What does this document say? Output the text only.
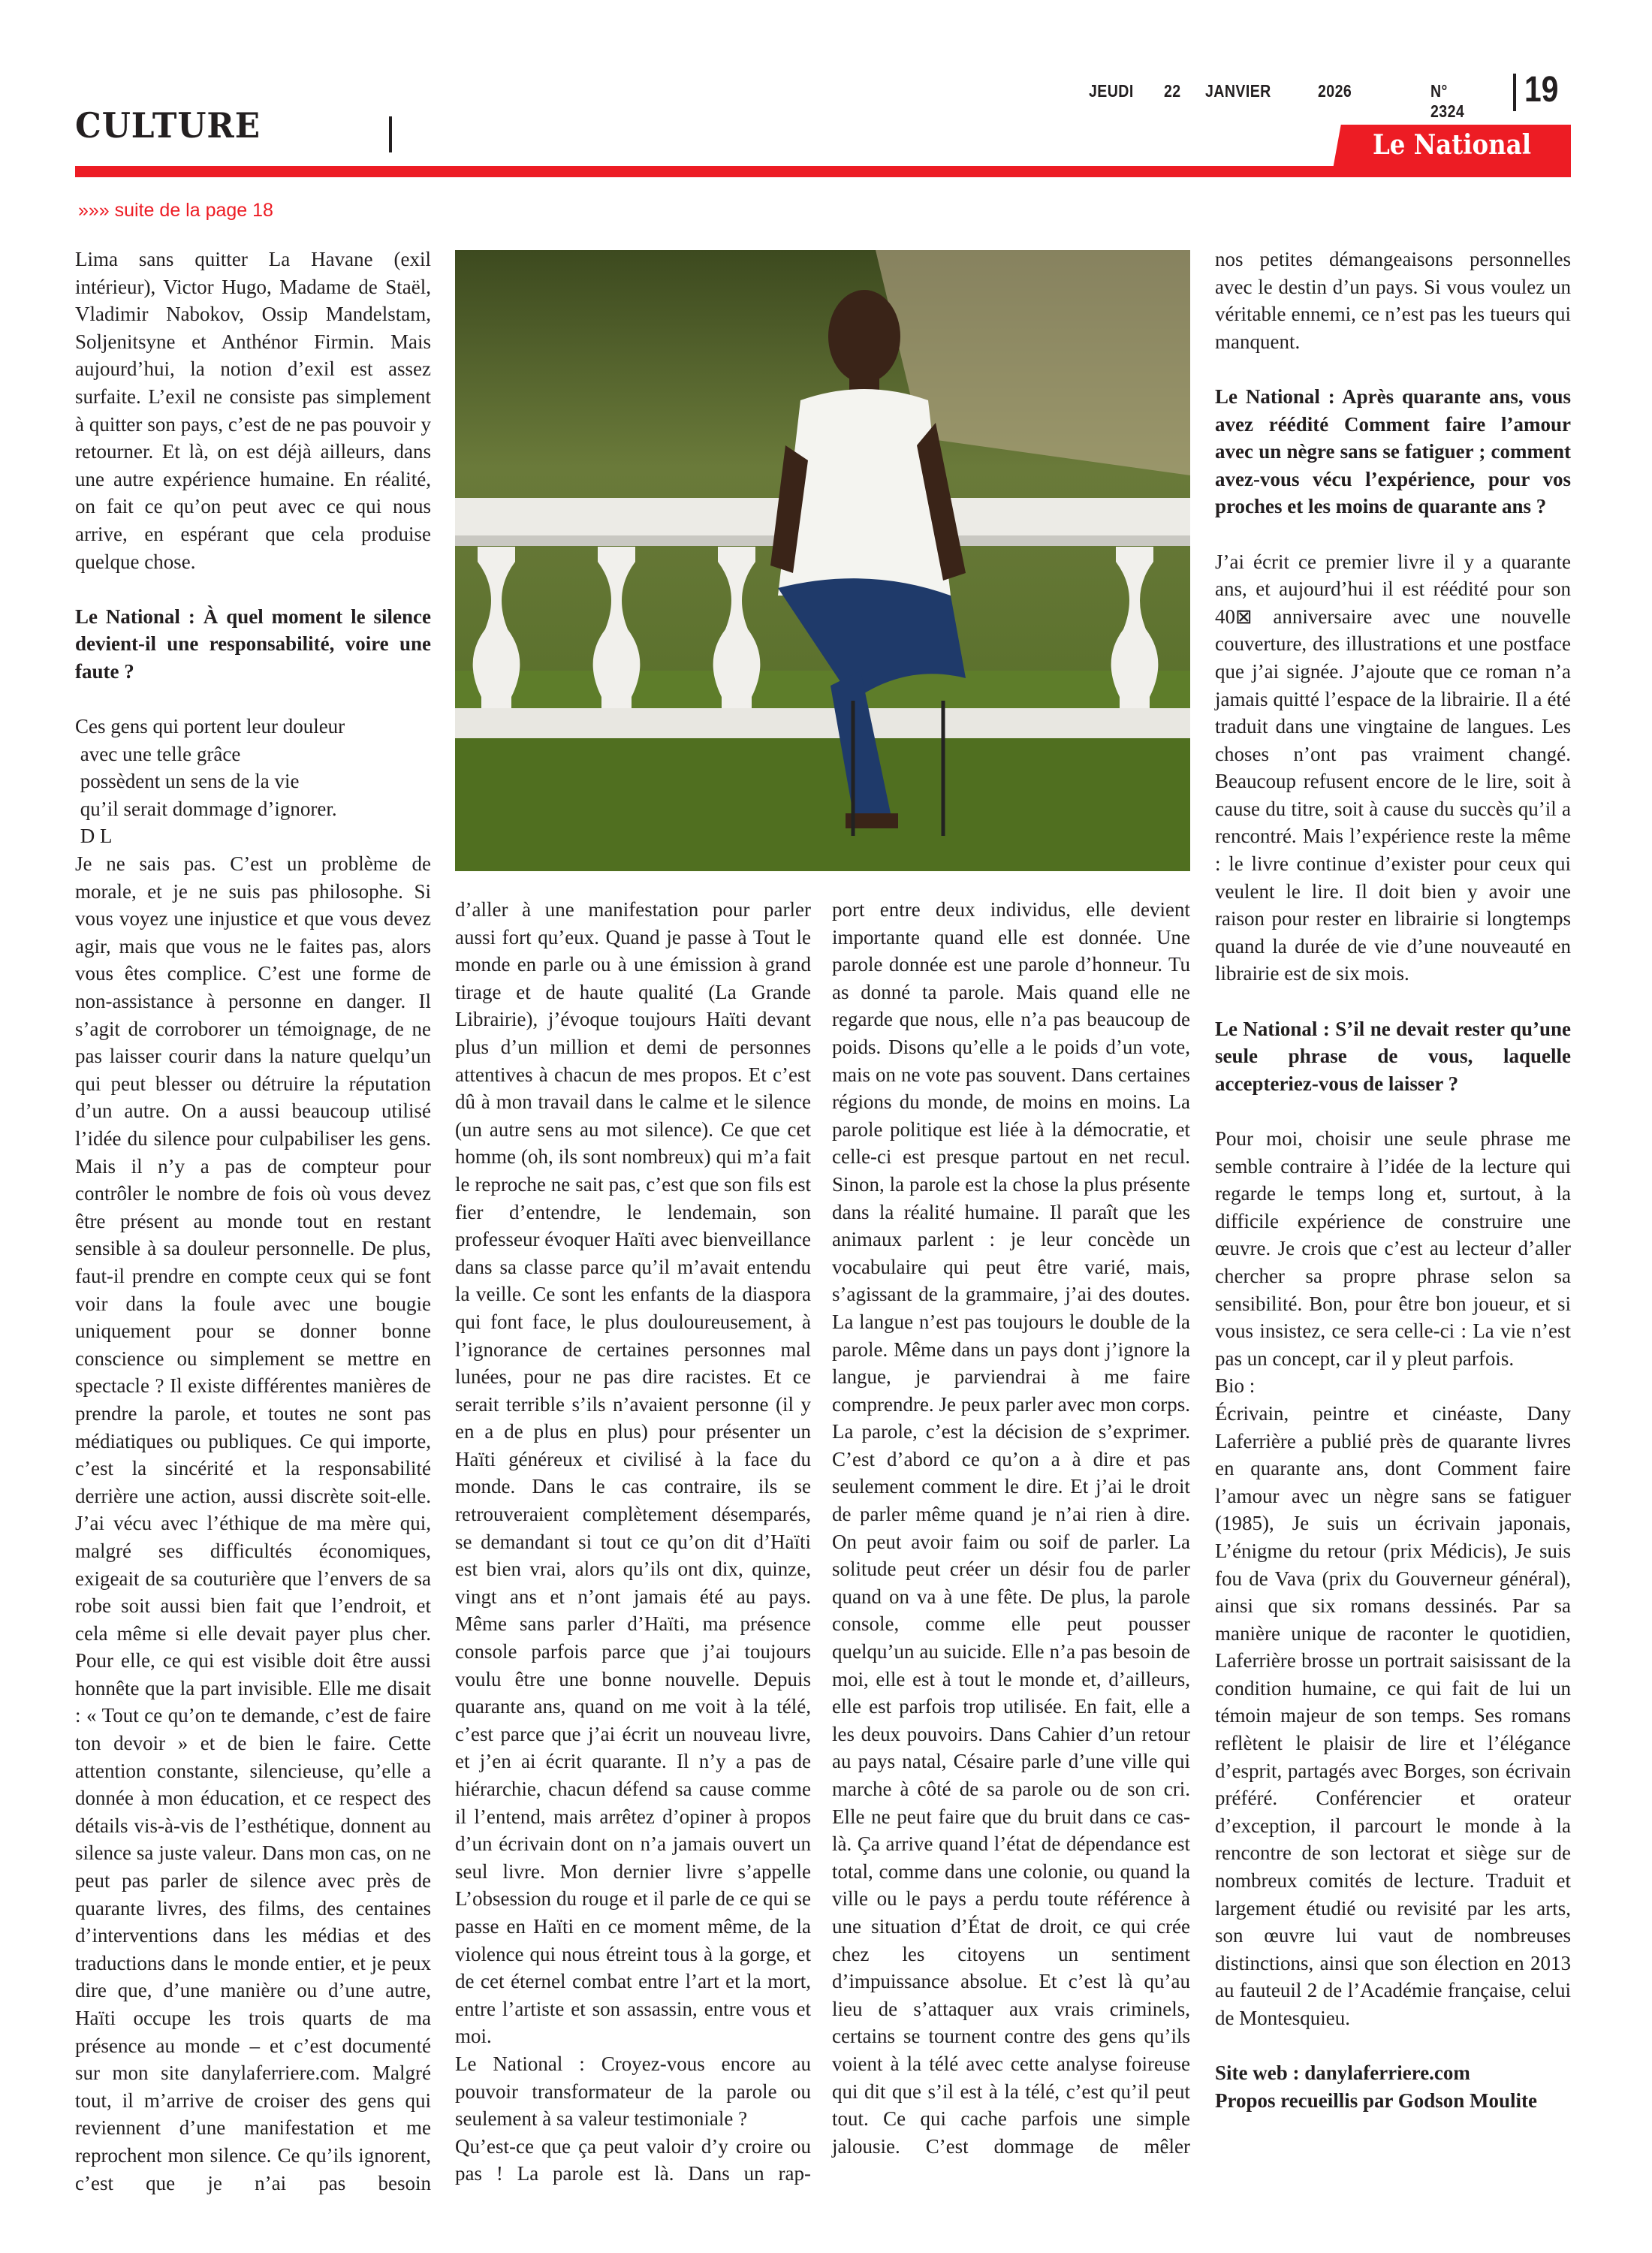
JEUDI 22 JANVIER	2026	N° 2324
19
CULTURE	Le National
»»» suite de la page 18

Lima sans quitter La Havane (exil intérieur), Victor Hugo, Madame de Staël, Vladimir Nabokov, Ossip Mandelstam, Soljenitsyne et Anthénor Firmin. Mais aujourd’hui, la notion d’exil est assez surfaite. L’exil ne consiste pas simplement à quitter son pays, c’est de ne pas pouvoir y retourner. Et là, on est déjà ailleurs, dans une autre expérience humaine. En réalité, on fait ce qu’on peut avec ce qui nous arrive, en espérant que cela produise quelque chose.

Le National : À quel moment le silence devient-il une responsabilité, voire une faute ?

Ces gens qui portent leur douleur
avec une telle grâce
possèdent un sens de la vie
qu’il serait dommage d’ignorer.
D L

Je ne sais pas. C’est un problème de morale, et je ne suis pas philosophe. Si vous voyez une injustice et que vous devez agir, mais que vous ne le faites pas, alors vous êtes complice. C’est une forme de non-assistance à personne en danger. Il s’agit de corroborer un témoignage, de ne pas laisser courir dans la nature quelqu’un qui peut blesser ou détruire la réputation d’un autre. On a aussi beaucoup utilisé l’idée du silence pour culpabiliser les gens. Mais il n’y a pas de compteur pour contrôler le nombre de fois où vous devez être présent au monde tout en restant sensible à sa douleur personnelle. De plus, faut-il prendre en compte ceux qui se font voir dans la foule avec une bougie uniquement pour se donner bonne conscience ou simplement se mettre en spectacle ? Il existe différentes manières de prendre la parole, et toutes ne sont pas médiatiques ou publiques. Ce qui importe, c’est la sincérité et la responsabilité derrière une action, aussi discrète soit-elle. J’ai vécu avec l’éthique de ma mère qui, malgré ses difficultés économiques, exigeait de sa couturière que l’envers de sa robe soit aussi bien fait que l’endroit, et cela même si elle devait payer plus cher. Pour elle, ce qui est visible doit être aussi honnête que la part invisible. Elle me disait : « Tout ce qu’on te demande, c’est de faire ton devoir » et de bien le faire. Cette attention constante, silencieuse, qu’elle a donnée à mon éducation, et ce respect des détails vis-à-vis de l’esthétique, donnent au silence sa juste valeur. Dans mon cas, on ne peut pas parler de silence avec près de quarante livres, des films, des centaines d’interventions dans les médias et des traductions dans le monde entier, et je peux dire que, d’une manière ou d’une autre, Haïti occupe les trois quarts de ma présence au monde – et c’est documenté sur mon site danylaferriere.com. Malgré tout, il m’arrive de croiser des gens qui reviennent d’une manifestation et me reprochent mon silence. Ce qu’ils ignorent, c’est que je n’ai pas besoin

d’aller à une manifestation pour parler aussi fort qu’eux. Quand je passe à Tout le monde en parle ou à une émission à grand tirage et de haute qualité (La Grande Librairie), j’évoque toujours Haïti devant plus d’un million et demi de personnes attentives à chacun de mes propos. Et c’est dû à mon travail dans le calme et le silence (un autre sens au mot silence). Ce que cet homme (oh, ils sont nombreux) qui m’a fait le reproche ne sait pas, c’est que son fils est fier d’entendre, le lendemain, son professeur évoquer Haïti avec bienveillance dans sa classe parce qu’il m’avait entendu la veille. Ce sont les enfants de la diaspora qui font face, le plus douloureusement, à l’ignorance de certaines personnes mal lunées, pour ne pas dire racistes. Et ce serait terrible s’ils n’avaient personne (il y en a de plus en plus) pour présenter un Haïti généreux et civilisé à la face du monde. Dans le cas contraire, ils se retrouveraient complètement désemparés, se demandant si tout ce qu’on dit d’Haïti est bien vrai, alors qu’ils ont dix, quinze, vingt ans et n’ont jamais été au pays. Même sans parler d’Haïti, ma présence console parfois parce que j’ai toujours voulu être une bonne nouvelle. Depuis quarante ans, quand on me voit à la télé, c’est parce que j’ai écrit un nouveau livre, et j’en ai écrit quarante. Il n’y a pas de hiérarchie, chacun défend sa cause comme il l’entend, mais arrêtez d’opiner à propos d’un écrivain dont on n’a jamais ouvert un seul livre. Mon dernier livre s’appelle L’obsession du rouge et il parle de ce qui se passe en Haïti en ce moment même, de la violence qui nous étreint tous à la gorge, et de cet éternel combat entre l’art et la mort, entre l’artiste et son assassin, entre vous et moi.

Le National : Croyez-vous encore au pouvoir transformateur de la parole ou seulement à sa valeur testimoniale ?

Qu’est-ce que ça peut valoir d’y croire ou pas ! La parole est là. Dans un rap-

port entre deux individus, elle devient importante quand elle est donnée. Une parole donnée est une parole d’honneur. Tu as donné ta parole. Mais quand elle ne regarde que nous, elle n’a pas beaucoup de poids. Disons qu’elle a le poids d’un vote, mais on ne vote pas souvent. Dans certaines régions du monde, de moins en moins. La parole politique est liée à la démocratie, et celle-ci est presque partout en net recul. Sinon, la parole est la chose la plus présente dans la réalité humaine. Il paraît que les animaux parlent : je leur concède un vocabulaire qui peut être varié, mais, s’agissant de la grammaire, j’ai des doutes. La langue n’est pas toujours le double de la parole. Même dans un pays dont j’ignore la langue, je parviendrai à me faire comprendre. Je peux parler avec mon corps. La parole, c’est la décision de s’exprimer. C’est d’abord ce qu’on a à dire et pas seulement comment le dire. Et j’ai le droit de parler même quand je n’ai rien à dire. On peut avoir faim ou soif de parler. La solitude peut créer un désir fou de parler quand on va à une fête. De plus, la parole console, comme elle peut pousser quelqu’un au suicide. Elle n’a pas besoin de moi, elle est à tout le monde et, d’ailleurs, elle est parfois trop utilisée. En fait, elle a les deux pouvoirs. Dans Cahier d’un retour au pays natal, Césaire parle d’une ville qui marche à côté de sa parole ou de son cri. Elle ne peut faire que du bruit dans ce cas-là. Ça arrive quand l’état de dépendance est total, comme dans une colonie, ou quand la ville ou le pays a perdu toute référence à une situation d’État de droit, ce qui crée chez les citoyens un sentiment d’impuissance absolue. Et c’est là qu’au lieu de s’attaquer aux vrais criminels, certains se tournent contre des gens qu’ils voient à la télé avec cette analyse foireuse qui dit que s’il est à la télé, c’est qu’il peut tout. Ce qui cache parfois une simple jalousie. C’est dommage de mêler

nos petites démangeaisons personnelles avec le destin d’un pays. Si vous voulez un véritable ennemi, ce n’est pas les tueurs qui manquent.

Le National : Après quarante ans, vous avez réédité Comment faire l’amour avec un nègre sans se fatiguer ; comment avez-vous vécu l’expérience, pour vos proches et les moins de quarante ans ?

J’ai écrit ce premier livre il y a quarante ans, et aujourd’hui il est réédité pour son 40⊠ anniversaire avec une nouvelle couverture, des illustrations et une postface que j’ai signée. J’ajoute que ce roman n’a jamais quitté l’espace de la librairie. Il a été traduit dans une vingtaine de langues. Les choses n’ont pas vraiment changé. Beaucoup refusent encore de le lire, soit à cause du titre, soit à cause du succès qu’il a rencontré. Mais l’expérience reste la même : le livre continue d’exister pour ceux qui veulent le lire. Il doit bien y avoir une raison pour rester en librairie si longtemps quand la durée de vie d’une nouveauté en librairie est de six mois.

Le National : S’il ne devait rester qu’une seule phrase de vous, laquelle accepteriez-vous de laisser ?

Pour moi, choisir une seule phrase me semble contraire à l’idée de la lecture qui regarde le temps long et, surtout, à la difficile expérience de construire une œuvre. Je crois que c’est au lecteur d’aller chercher sa propre phrase selon sa sensibilité. Bon, pour être bon joueur, et si vous insistez, ce sera celle-ci : La vie n’est pas un concept, car il y pleut parfois.

Bio :

Écrivain, peintre et cinéaste, Dany Laferrière a publié près de quarante livres en quarante ans, dont Comment faire l’amour avec un nègre sans se fatiguer (1985), Je suis un écrivain japonais, L’énigme du retour (prix Médicis), Je suis fou de Vava (prix du Gouverneur général), ainsi que six romans dessinés. Par sa manière unique de raconter le quotidien, Laferrière brosse un portrait saisissant de la condition humaine, ce qui fait de lui un témoin majeur de son temps. Ses romans reflètent le plaisir de lire et l’élégance d’esprit, partagés avec Borges, son écrivain préféré. Conférencier et orateur d’exception, il parcourt le monde à la rencontre de son lectorat et siège sur de nombreux comités de lecture. Traduit et largement étudié ou revisité par les arts, son œuvre lui vaut de nombreuses distinctions, ainsi que son élection en 2013 au fauteuil 2 de l’Académie française, celui de Montesquieu.

Site web : danylaferriere.com

Propos recueillis par Godson Moulite
